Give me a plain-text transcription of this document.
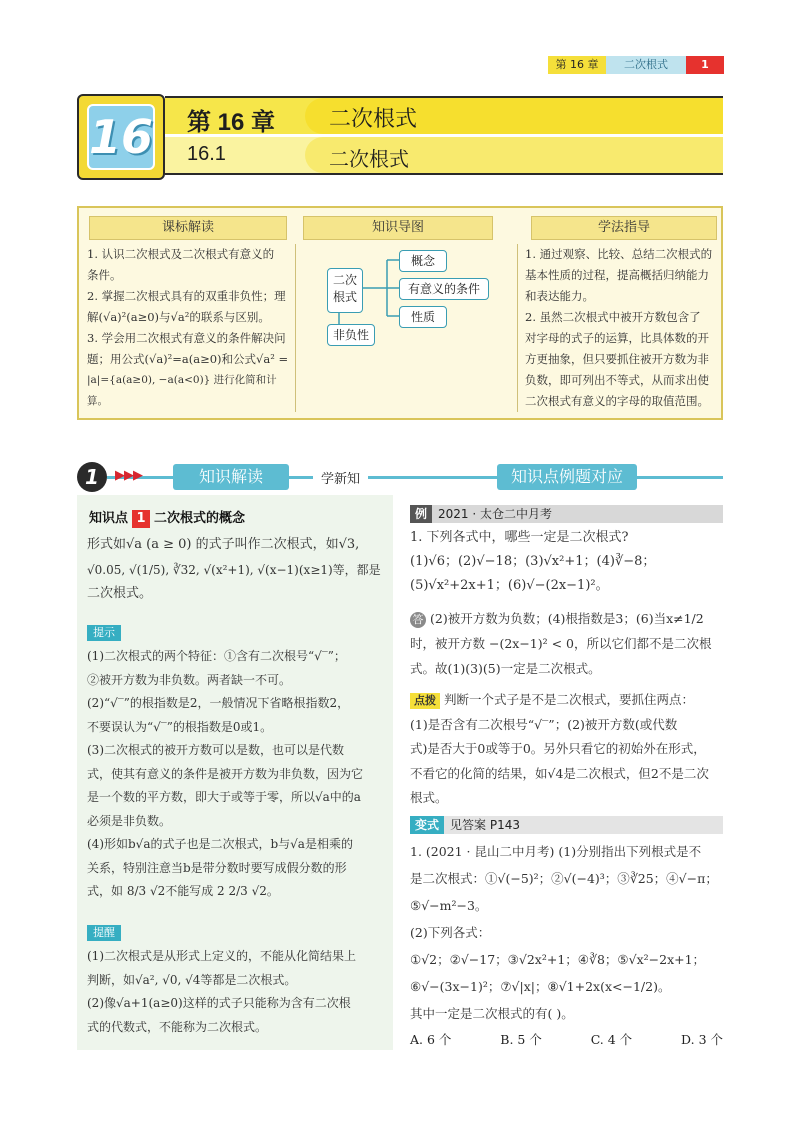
第 16 章	二次根式	1
16 第 16 章 二次根式
16.1	二次根式
课标解读	知识导图	学法指导
1. 认识二次根式及二次根式有意义的
条件。
2. 掌握二次根式具有的双重非负性；理
解(√a)²(a≥0)与√a²的联系与区别。
3. 学会用二次根式有意义的条件解决问
题；用公式(√a)²=a(a≥0)和公式√a² =
|a|={a(a≥0), −a(a<0)} 进行化简和计算。
二次根式
概念
有意义的条件
性质
非负性
1. 通过观察、比较、总结二次根式的
基本性质的过程，提高概括归纳能力
和表达能力。
2. 虽然二次根式中被开方数包含了
对字母的式子的运算，比具体数的开
方更抽象，但只要抓住被开方数为非
负数，即可列出不等式，从而求出使
二次根式有意义的字母的取值范围。
1	▶▶▶	知识解读	学新知	知识点例题对应
知识点 1 二次根式的概念
形式如√a (a ≥ 0) 的式子叫作二次根式，如√3,
√0.05, √(1/5), ∛32, √(x²+1), √(x−1)(x≥1)等，都是
二次根式。
提示
(1)二次根式的两个特征：①含有二次根号“√‾”；
②被开方数为非负数。两者缺一不可。
(2)“√‾”的根指数是2，一般情况下省略根指数2，
不要误认为“√‾”的根指数是0或1。
(3)二次根式的被开方数可以是数，也可以是代数
式，使其有意义的条件是被开方数为非负数，因为它
是一个数的平方数，即大于或等于零，所以√a中的a
必须是非负数。
(4)形如b√a的式子也是二次根式，b与√a是相乘的
关系，特别注意当b是带分数时要写成假分数的形
式，如 8/3 √2不能写成 2 2/3 √2。
提醒
(1)二次根式是从形式上定义的，不能从化简结果上
判断，如√a², √0, √4等都是二次根式。
(2)像√a+1(a≥0)这样的式子只能称为含有二次根
式的代数式，不能称为二次根式。
例 2021 · 太仓二中月考
1. 下列各式中，哪些一定是二次根式?
(1)√6；(2)√−18；(3)√x²+1；(4)∛−8；
(5)√x²+2x+1；(6)√−(2x−1)²。
答 (2)被开方数为负数；(4)根指数是3；(6)当x≠1/2
时，被开方数 −(2x−1)² < 0，所以它们都不是二次根
式。故(1)(3)(5)一定是二次根式。
点拨 判断一个式子是不是二次根式，要抓住两点：
(1)是否含有二次根号“√‾”；(2)被开方数(或代数
式)是否大于0或等于0。另外只看它的初始外在形式，
不看它的化简的结果，如√4是二次根式，但2不是二次
根式。
变式 见答案 P143
1. (2021 · 昆山二中月考) (1)分别指出下列根式是不
是二次根式：①√(−5)²；②√(−4)³；③∛25；④√−π；
⑤√−m²−3。
(2)下列各式：
①√2；②√−17；③√2x²+1；④∛8；⑤√x²−2x+1；
⑥√−(3x−1)²；⑦√|x|；⑧√1+2x(x<−1/2)。
其中一定是二次根式的有( )。
A. 6 个	B. 5 个	C. 4 个	D. 3 个
